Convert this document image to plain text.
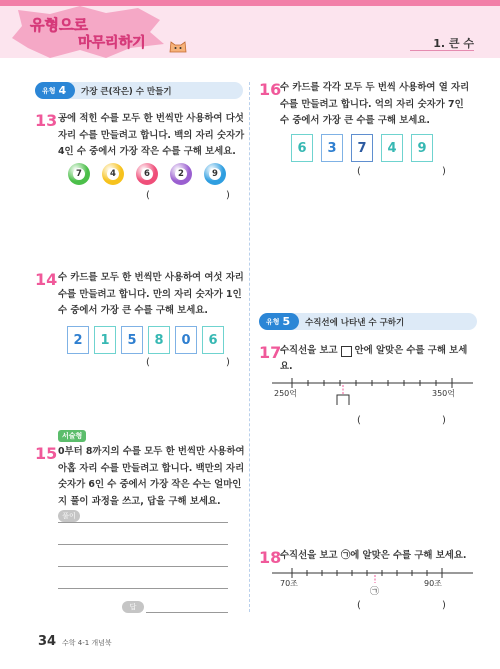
유형으로
마무리하기	1. 큰 수
유형 4 가장 큰(작은) 수 만들기
13 공에 적힌 수를 모두 한 번씩만 사용하여 다섯
자리 수를 만들려고 합니다. 백의 자리 숫자가
4인 수 중에서 가장 작은 수를 구해 보세요.
7	4	6	2	9
(	)
14 수 카드를 모두 한 번씩만 사용하여 여섯 자리
수를 만들려고 합니다. 만의 자리 숫자가 1인
수 중에서 가장 큰 수를 구해 보세요.
2	1	5	8	0	6
(	)
서술형
15 0부터 8까지의 수를 모두 한 번씩만 사용하여
아홉 자리 수를 만들려고 합니다. 백만의 자리
숫자가 6인 수 중에서 가장 작은 수는 얼마인
지 풀이 과정을 쓰고, 답을 구해 보세요.
풀이
답
16
수 카드를 각각 모두 두 번씩 사용하여 열 자리
수를 만들려고 합니다. 억의 자리 숫자가 7인
수 중에서 가장 큰 수를 구해 보세요.
6	3	7	4	9
(	)
유형 5 수직선에 나타낸 수 구하기
17
수직선을 보고 안에 알맞은 수를 구해 보세
요.
250억	350억
(	)
18
수직선을 보고 ㉠에 알맞은 수를 구해 보세요.
70조	90조
㉠
(	)
34 수학 4-1 개념북
